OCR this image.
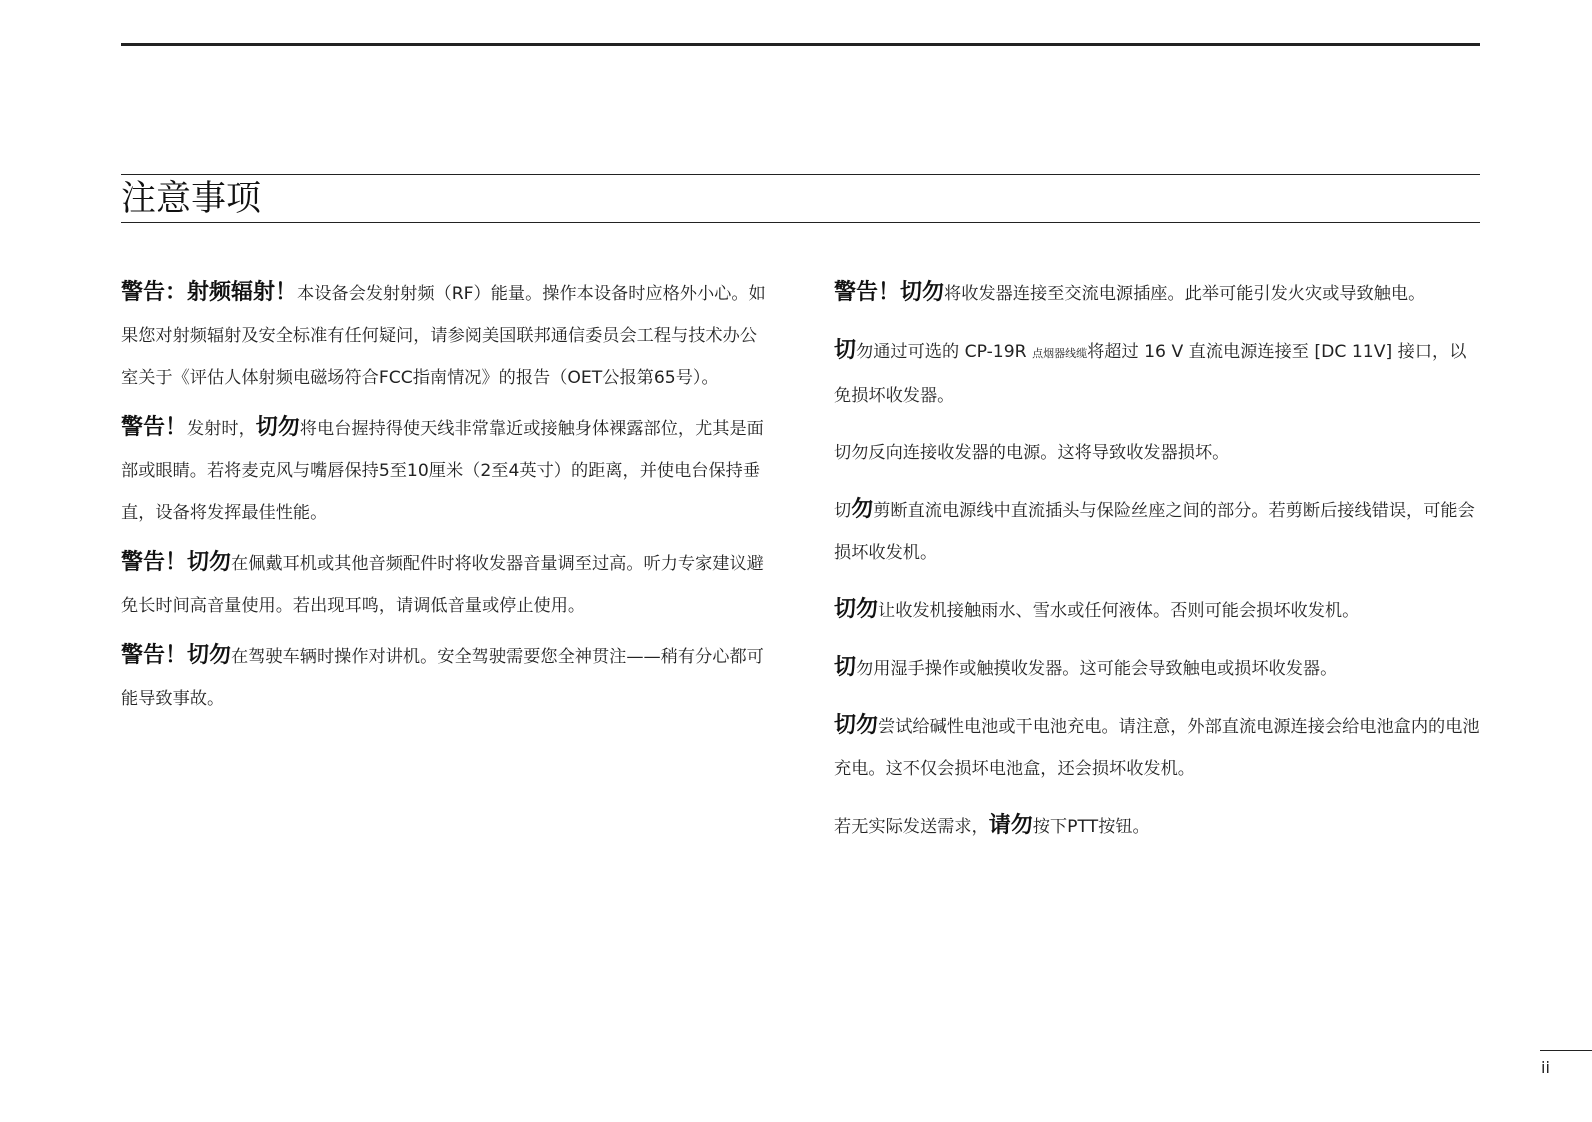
注意事项

警告：射频辐射！本设备会发射射频（RF）能量。操作本设备时应格外小心。如果您对射频辐射及安全标准有任何疑问，请参阅美国联邦通信委员会工程与技术办公室关于《评估人体射频电磁场符合FCC指南情况》的报告（OET公报第65号）。

警告！发射时，切勿将电台握持得使天线非常靠近或接触身体裸露部位，尤其是面部或眼睛。若将麦克风与嘴唇保持5至10厘米（2至4英寸）的距离，并使电台保持垂直，设备将发挥最佳性能。

警告！切勿在佩戴耳机或其他音频配件时将收发器音量调至过高。听力专家建议避免长时间高音量使用。若出现耳鸣，请调低音量或停止使用。

警告！切勿在驾驶车辆时操作对讲机。安全驾驶需要您全神贯注——稍有分心都可能导致事故。

警告！切勿将收发器连接至交流电源插座。此举可能引发火灾或导致触电。

切勿通过可选的 CP-19R 点烟器线缆将超过 16 V 直流电源连接至 [DC 11V] 接口，以免损坏收发器。

切勿反向连接收发器的电源。这将导致收发器损坏。

切勿剪断直流电源线中直流插头与保险丝座之间的部分。若剪断后接线错误，可能会损坏收发机。

切勿让收发机接触雨水、雪水或任何液体。否则可能会损坏收发机。

切勿用湿手操作或触摸收发器。这可能会导致触电或损坏收发器。

切勿尝试给碱性电池或干电池充电。请注意，外部直流电源连接会给电池盒内的电池充电。这不仅会损坏电池盒，还会损坏收发机。

若无实际发送需求，请勿按下PTT按钮。

ii
